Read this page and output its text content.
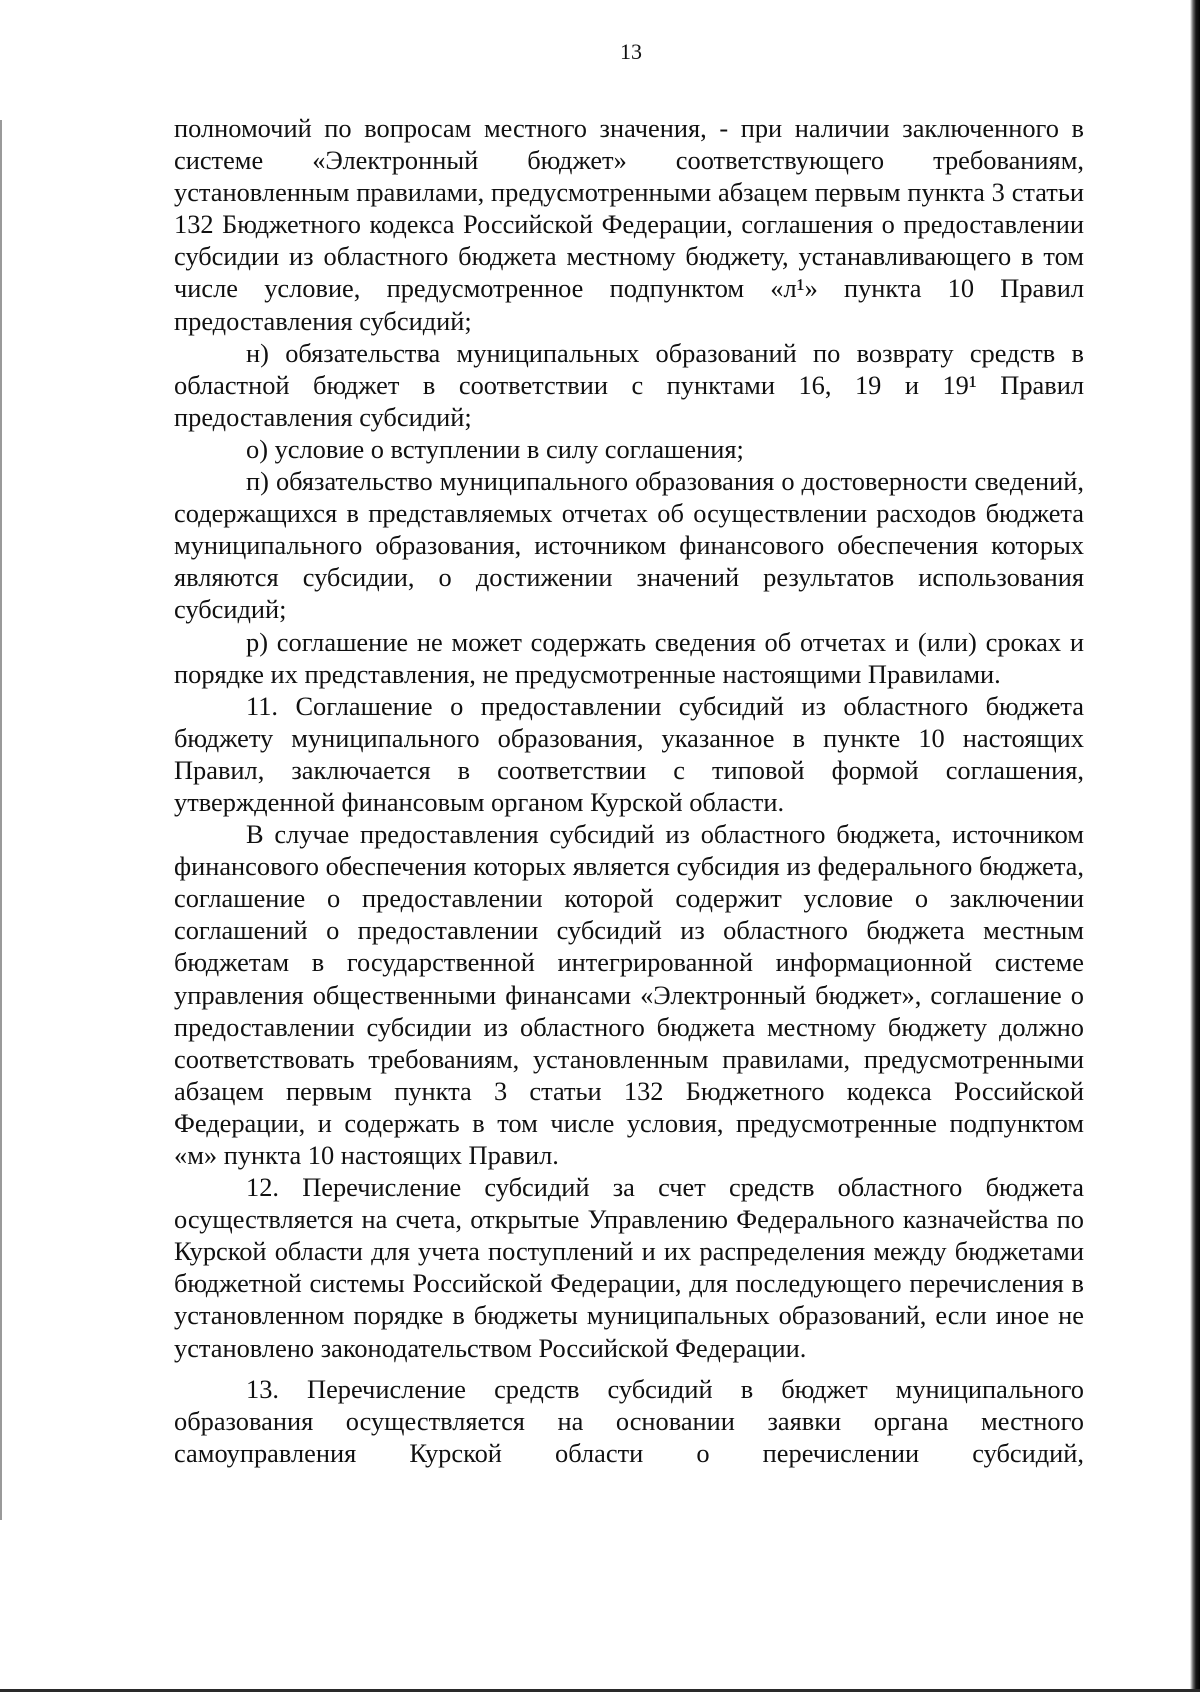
13

полномочий по вопросам местного значения, - при наличии заключенного в системе «Электронный бюджет» соответствующего требованиям, установленным правилами, предусмотренными абзацем первым пункта 3 статьи 132 Бюджетного кодекса Российской Федерации, соглашения о предоставлении субсидии из областного бюджета местному бюджету, устанавливающего в том числе условие, предусмотренное подпунктом «л¹» пункта 10 Правил предоставления субсидий;

н) обязательства муниципальных образований по возврату средств в областной бюджет в соответствии с пунктами 16, 19 и 19¹ Правил предоставления субсидий;

о) условие о вступлении в силу соглашения;

п) обязательство муниципального образования о достоверности сведений, содержащихся в представляемых отчетах об осуществлении расходов бюджета муниципального образования, источником финансового обеспечения которых являются субсидии, о достижении значений результатов использования субсидий;

р) соглашение не может содержать сведения об отчетах и (или) сроках и порядке их представления, не предусмотренные настоящими Правилами.

11. Соглашение о предоставлении субсидий из областного бюджета бюджету муниципального образования, указанное в пункте 10 настоящих Правил, заключается в соответствии с типовой формой соглашения, утвержденной финансовым органом Курской области.

В случае предоставления субсидий из областного бюджета, источником финансового обеспечения которых является субсидия из федерального бюджета, соглашение о предоставлении которой содержит условие о заключении соглашений о предоставлении субсидий из областного бюджета местным бюджетам в государственной интегрированной информационной системе управления общественными финансами «Электронный бюджет», соглашение о предоставлении субсидии из областного бюджета местному бюджету должно соответствовать требованиям, установленным правилами, предусмотренными абзацем первым пункта 3 статьи 132 Бюджетного кодекса Российской Федерации, и содержать в том числе условия, предусмотренные подпунктом «м» пункта 10 настоящих Правил.

12. Перечисление субсидий за счет средств областного бюджета осуществляется на счета, открытые Управлению Федерального казначейства по Курской области для учета поступлений и их распределения между бюджетами бюджетной системы Российской Федерации, для последующего перечисления в установленном порядке в бюджеты муниципальных образований, если иное не установлено законодательством Российской Федерации.

13. Перечисление средств субсидий в бюджет муниципального образования осуществляется на основании заявки органа местного самоуправления Курской области о перечислении субсидий,
